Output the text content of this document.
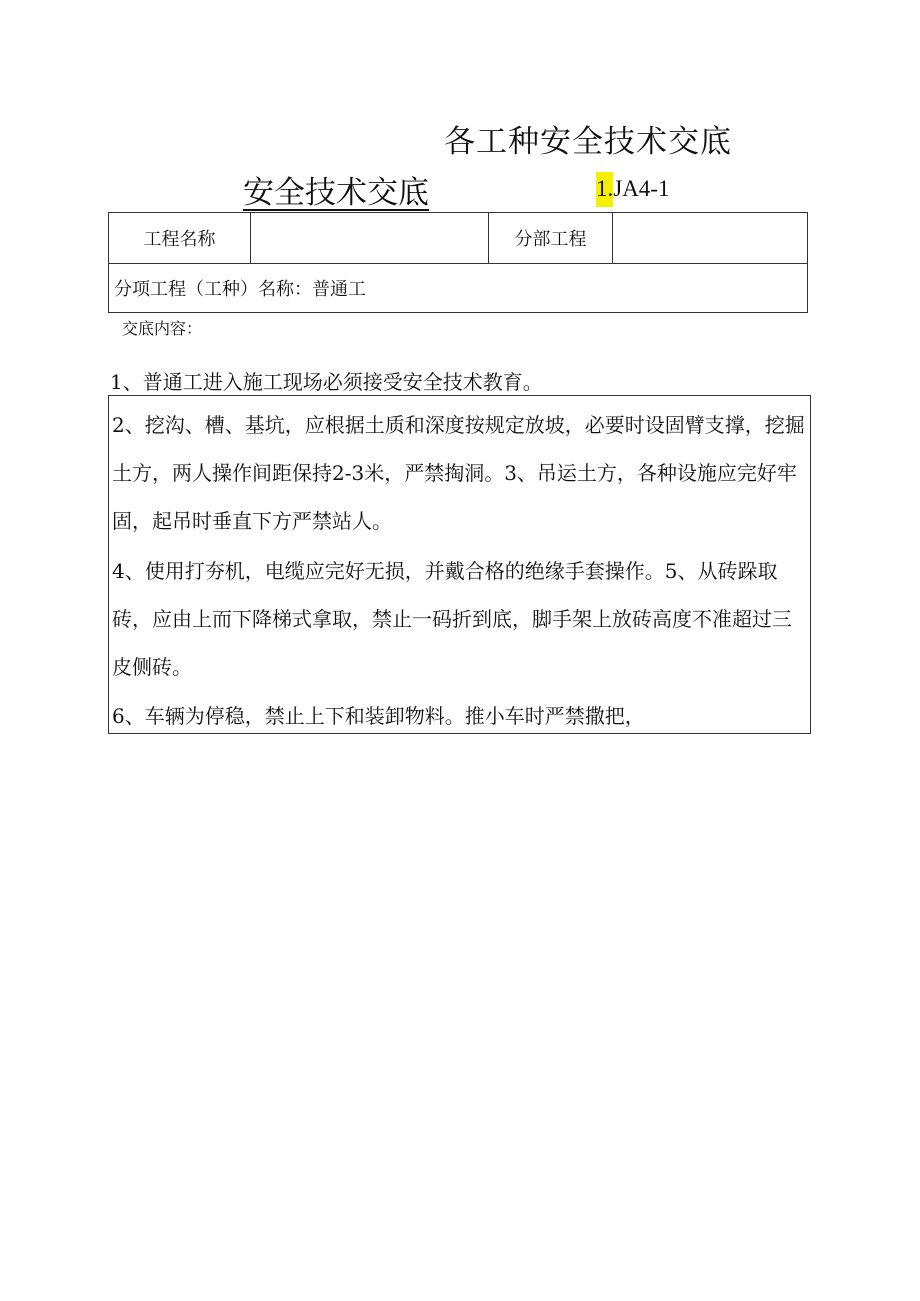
各工种安全技术交底
安全技术交底	1.JA4-1
工程名称	分部工程
分项工程（工种）名称：普通工
交底内容：
1、普通工进入施工现场必须接受安全技术教育。
2、挖沟、槽、基坑，应根据土质和深度按规定放坡，必要时设固臂支撑，挖掘土方，两人操作间距保持2-3米，严禁掏洞。3、吊运土方，各种设施应完好牢固，起吊时垂直下方严禁站人。
4、使用打夯机，电缆应完好无损，并戴合格的绝缘手套操作。5、从砖跺取砖，应由上而下降梯式拿取，禁止一码折到底，脚手架上放砖高度不准超过三皮侧砖。
6、车辆为停稳，禁止上下和装卸物料。推小车时严禁撒把，
